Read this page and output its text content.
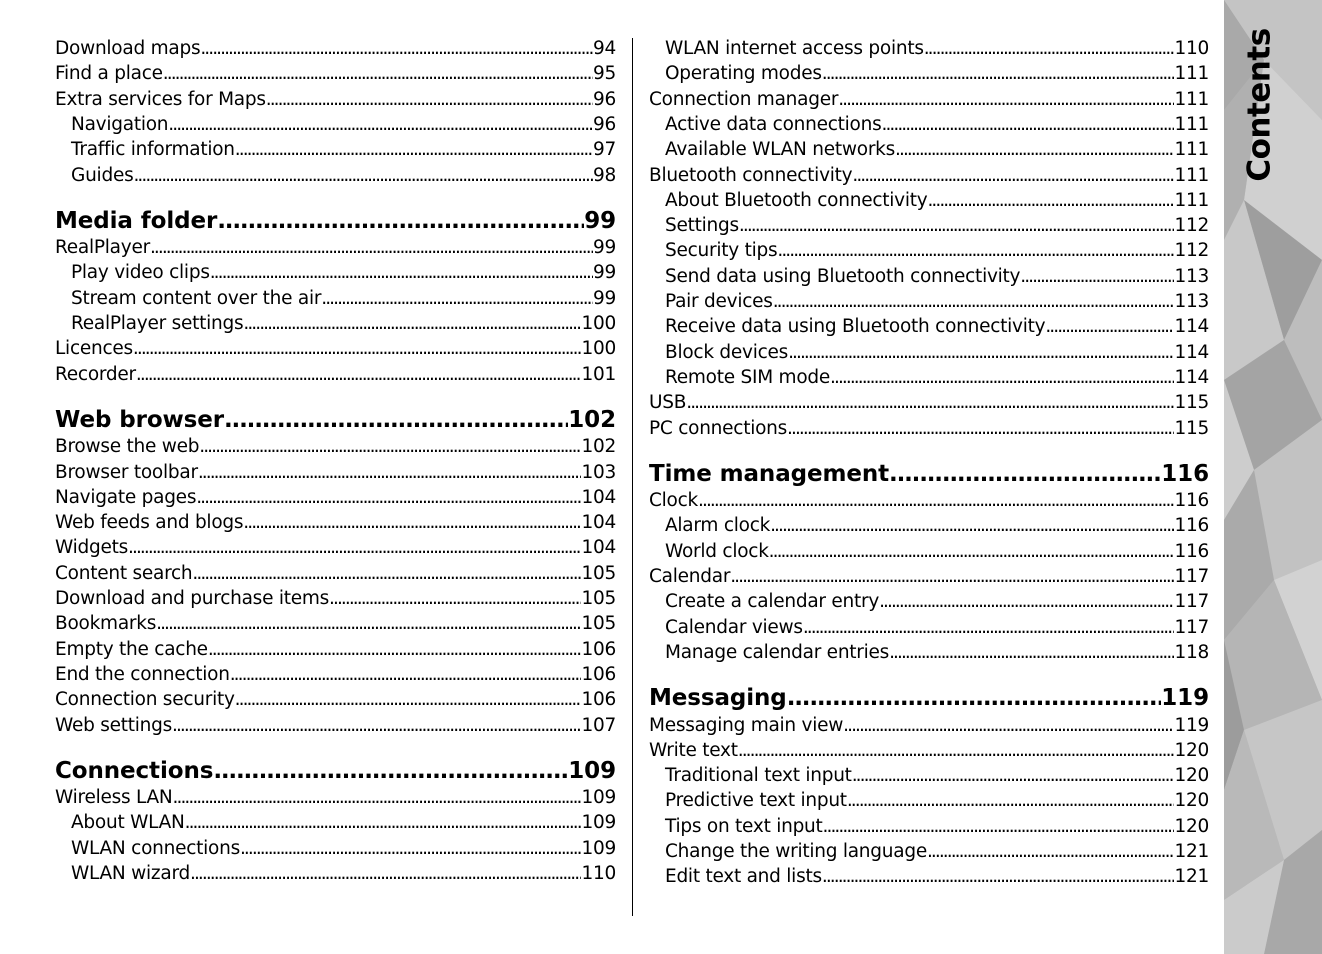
Download maps . . .	94
Find a place . . .	95
Extra services for Maps . . .	96
Navigation . . .	96
Traffic information . . .	97
Guides . . .	98
Media folder . . .	99
RealPlayer . . .	99
Play video clips . . .	99
Stream content over the air . . .	99
RealPlayer settings . . .	100
Licences . . .	100
Recorder . . .	101
Web browser . . .	102
Browse the web . . .	102
Browser toolbar . . .	103
Navigate pages . . .	104
Web feeds and blogs . . .	104
Widgets . . .	104
Content search . . .	105
Download and purchase items . . .	105
Bookmarks . . .	105
Empty the cache . . .	106
End the connection . . .	106
Connection security . . .	106
Web settings . . .	107
Connections . . .	109
Wireless LAN . . .	109
About WLAN . . .	109
WLAN connections . . .	109
WLAN wizard . . .	110
WLAN internet access points . . .	110
Operating modes . . .	111
Connection manager . . .	111
Active data connections . . .	111
Available WLAN networks . . .	111
Bluetooth connectivity . . .	111
About Bluetooth connectivity . . .	111
Settings . . .	112
Security tips . . .	112
Send data using Bluetooth connectivity . . .	113
Pair devices . . .	113
Receive data using Bluetooth connectivity . . .	114
Block devices . . .	114
Remote SIM mode . . .	114
USB . . .	115
PC connections . . .	115
Time management . . .	116
Clock . . .	116
Alarm clock . . .	116
World clock . . .	116
Calendar . . .	117
Create a calendar entry . . .	117
Calendar views . . .	117
Manage calendar entries . . .	118
Messaging . . .	119
Messaging main view . . .	119
Write text . . .	120
Traditional text input . . .	120
Predictive text input . . .	120
Tips on text input . . .	120
Change the writing language . . .	121
Edit text and lists . . .	121
Contents
